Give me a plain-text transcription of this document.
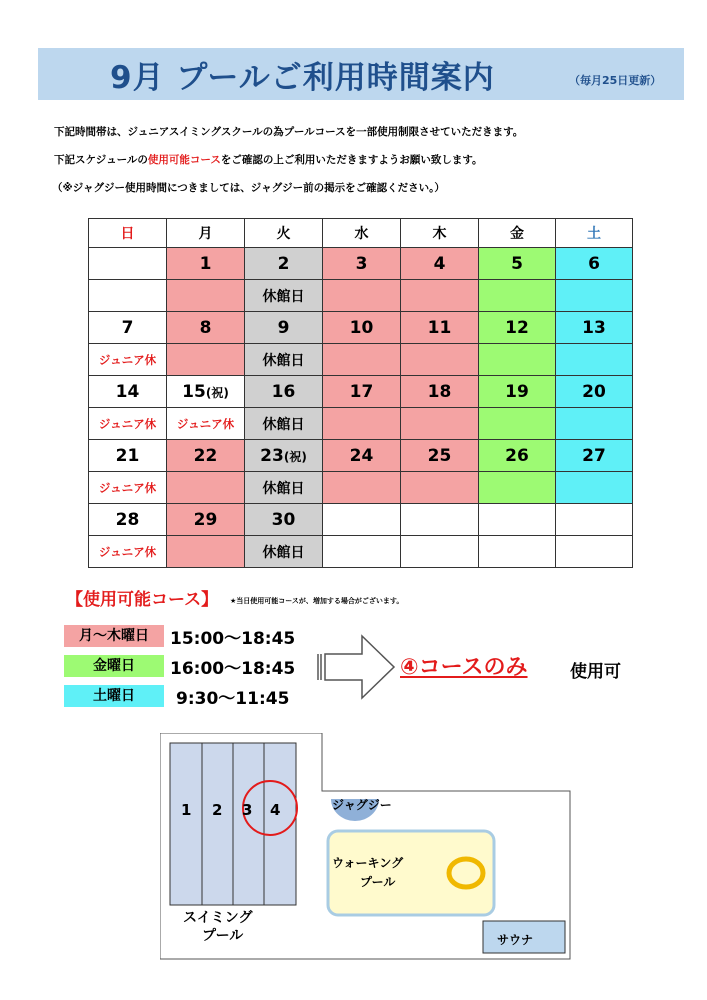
9月 プールご利用時間案内	（毎月25日更新）
下記時間帯は、ジュニアスイミングスクールの為プールコースを一部使用制限させていただきます。
下記スケジュールの使用可能コースをご確認の上ご利用いただきますようお願い致します。
（※ジャグジー使用時間につきましては、ジャグジー前の掲示をご確認ください。）
日	月	火	水	木	金	土
	1	2	3	4	5	6
		休館日				
7	8	9	10	11	12	13
ジュニア休		休館日				
14	15(祝)	16	17	18	19	20
ジュニア休	ジュニア休	休館日				
21	22	23(祝)	24	25	26	27
ジュニア休		休館日				
28	29	30				
ジュニア休		休館日				
【使用可能コース】 ★当日使用可能コースが、増加する場合がございます。
月～木曜日	15:00～18:45
金曜日	16:00～18:45
土曜日	9:30～11:45
④コースのみ 使用可
1 2 3 4
スイミング
プール
ジャグジー
ウォーキング
プール
サウナ
